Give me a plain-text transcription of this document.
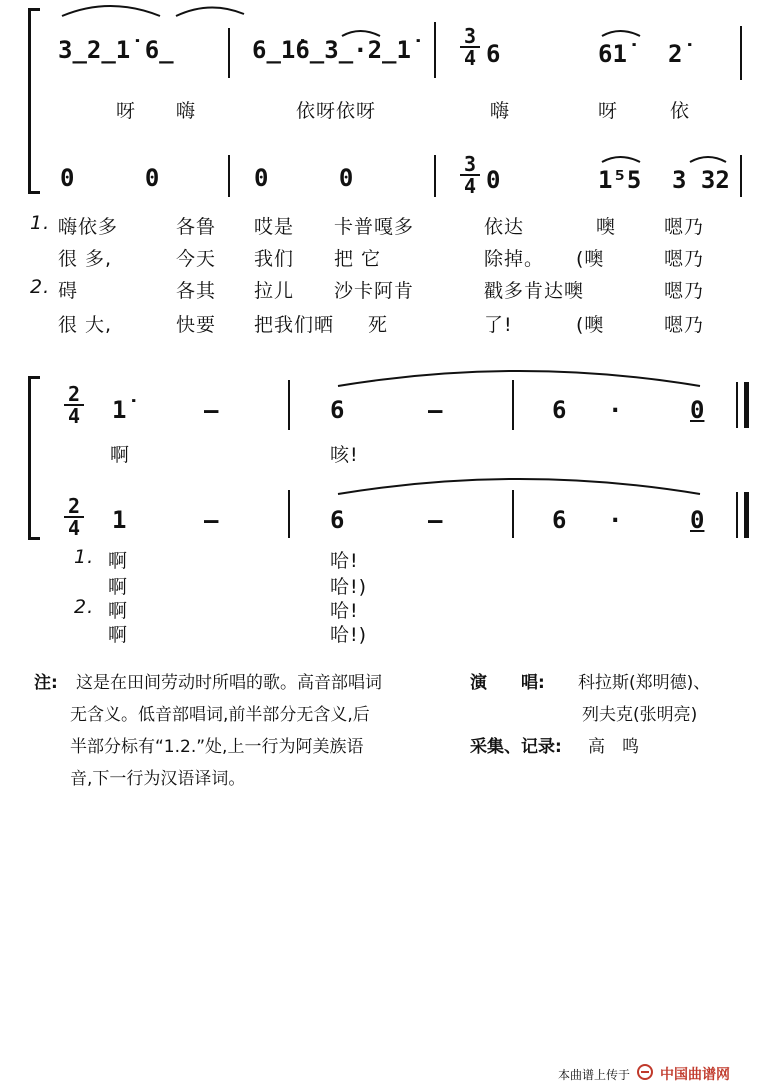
3̲2̲1̇ 6̲	6̲1̇6̲3̲·2̲1̇	3
4 6	61̇ 2̇
呀 嗨	依呀依呀	嗨	呀	依
0 0	0 0	3
4 0	1⁵5 3 32
1. 嗨依多	各鲁 哎是 卡普嘎多	依达	噢	嗯乃
很 多,	今天 我们 把 它	除掉。 (噢	嗯乃
2. 碍	各其 拉儿 沙卡阿肯	戳多肯达噢	嗯乃
很 大,	快要 把我们晒 死	了!	(噢	嗯乃
2
4 1̇	–	6	–	6 ·	0
啊	咳!
2
4 1	–	6	–	6 ·	0
1. 啊	哈!
啊	哈!)
2. 啊	哈!
啊	哈!)
注: 这是在田间劳动时所唱的歌。高音部唱词
无含义。低音部唱词,前半部分无含义,后
半部分标有“1.2.”处,上一行为阿美族语
音,下一行为汉语译词。
演　　唱: 科拉斯(郑明德)、
列夫克(张明亮)
采集、记录: 高　鸣
本曲谱上传于 中国曲谱网
